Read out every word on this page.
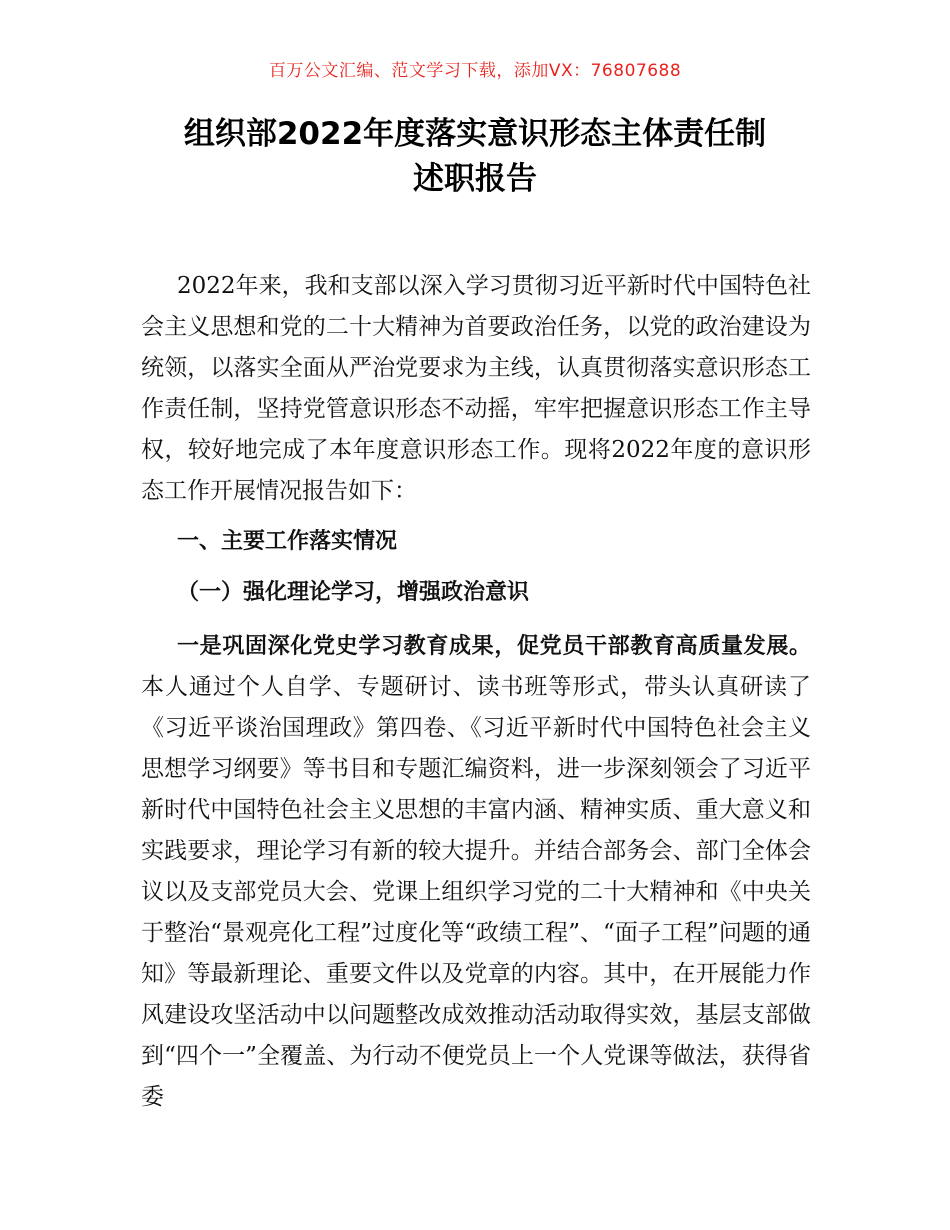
百万公文汇编、范文学习下载，添加VX：76807688
组织部2022年度落实意识形态主体责任制
述职报告
2022年来，我和支部以深入学习贯彻习近平新时代中国特色社会主义思想和党的二十大精神为首要政治任务，以党的政治建设为统领，以落实全面从严治党要求为主线，认真贯彻落实意识形态工作责任制，坚持党管意识形态不动摇，牢牢把握意识形态工作主导权，较好地完成了本年度意识形态工作。现将2022年度的意识形态工作开展情况报告如下：
一、主要工作落实情况
（一）强化理论学习，增强政治意识
一是巩固深化党史学习教育成果，促党员干部教育高质量发展。本人通过个人自学、专题研讨、读书班等形式，带头认真研读了《习近平谈治国理政》第四卷、《习近平新时代中国特色社会主义思想学习纲要》等书目和专题汇编资料，进一步深刻领会了习近平新时代中国特色社会主义思想的丰富内涵、精神实质、重大意义和实践要求，理论学习有新的较大提升。并结合部务会、部门全体会议以及支部党员大会、党课上组织学习党的二十大精神和《中央关于整治“景观亮化工程”过度化等“政绩工程”、“面子工程”问题的通知》等最新理论、重要文件以及党章的内容。其中，在开展能力作风建设攻坚活动中以问题整改成效推动活动取得实效，基层支部做到“四个一”全覆盖、为行动不便党员上一个人党课等做法，获得省委
